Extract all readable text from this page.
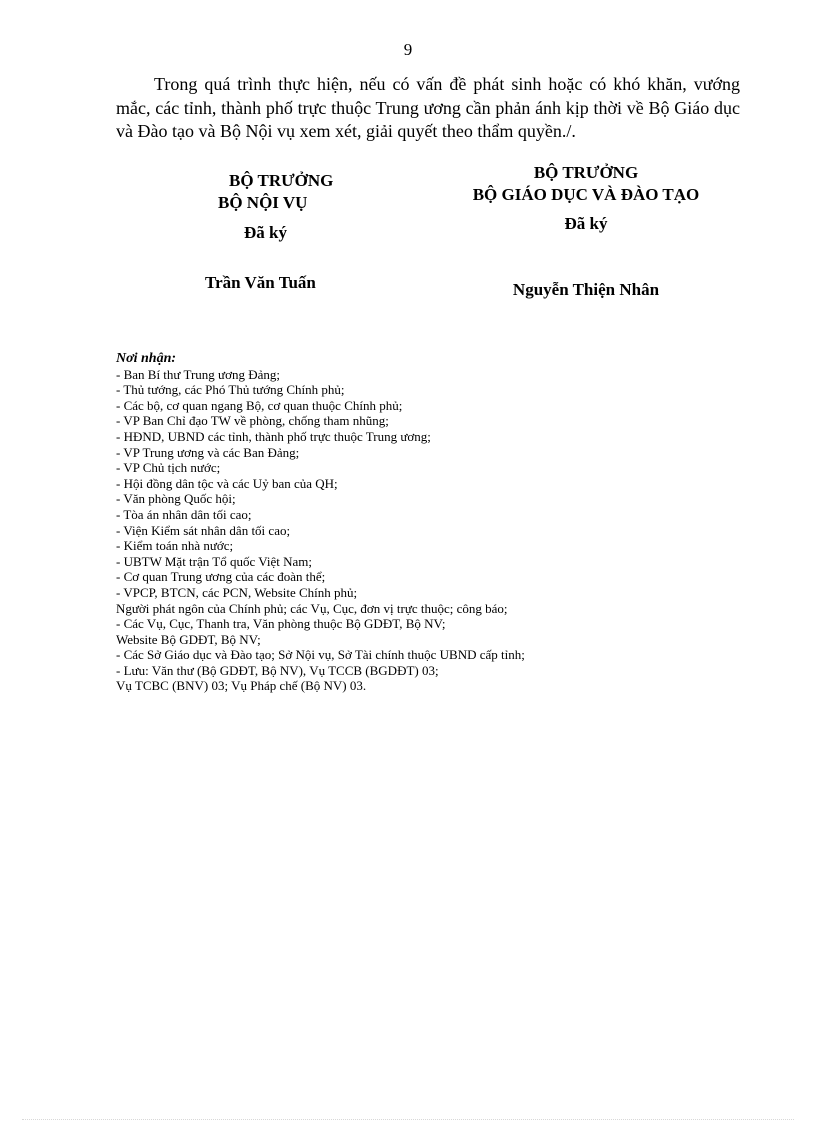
9

Trong quá trình thực hiện, nếu có vấn đề phát sinh hoặc có khó khăn, vướng mắc, các tỉnh, thành phố trực thuộc Trung ương cần phản ánh kịp thời về Bộ Giáo dục và Đào tạo và Bộ Nội vụ xem xét, giải quyết theo thẩm quyền./.

BỘ TRƯỞNG
BỘ NỘI VỤ
Đã ký
Trần Văn Tuấn
BỘ TRƯỞNG
BỘ GIÁO DỤC VÀ ĐÀO TẠO
Đã ký
Nguyễn Thiện Nhân
Nơi nhận:
- Ban Bí thư Trung ương Đảng;
- Thủ tướng, các Phó Thủ tướng Chính phủ;
- Các bộ, cơ quan ngang Bộ, cơ quan thuộc Chính phủ;
- VP Ban Chỉ đạo TW về phòng, chống tham nhũng;
- HĐND, UBND các tỉnh, thành phố trực thuộc Trung ương;
- VP Trung ương và các Ban Đảng;
- VP Chủ tịch nước;
- Hội đồng dân tộc và các Uỷ ban của QH;
- Văn phòng Quốc hội;
- Tòa án nhân dân tối cao;
- Viện Kiểm sát nhân dân tối cao;
- Kiểm toán nhà nước;
- UBTW Mặt trận Tổ quốc Việt Nam;
- Cơ quan Trung ương của các đoàn thể;
- VPCP, BTCN, các PCN, Website Chính phủ;
Người phát ngôn của Chính phủ; các Vụ, Cục, đơn vị trực thuộc; công báo;
- Các Vụ, Cục, Thanh tra, Văn phòng thuộc Bộ GDĐT, Bộ NV;
Website Bộ GDĐT, Bộ NV;
- Các Sở Giáo dục và Đào tạo; Sở Nội vụ, Sở Tài chính thuộc UBND cấp tỉnh;
- Lưu: Văn thư (Bộ GDĐT, Bộ NV), Vụ TCCB (BGDĐT) 03;
Vụ TCBC (BNV) 03; Vụ Pháp chế (Bộ NV) 03.
